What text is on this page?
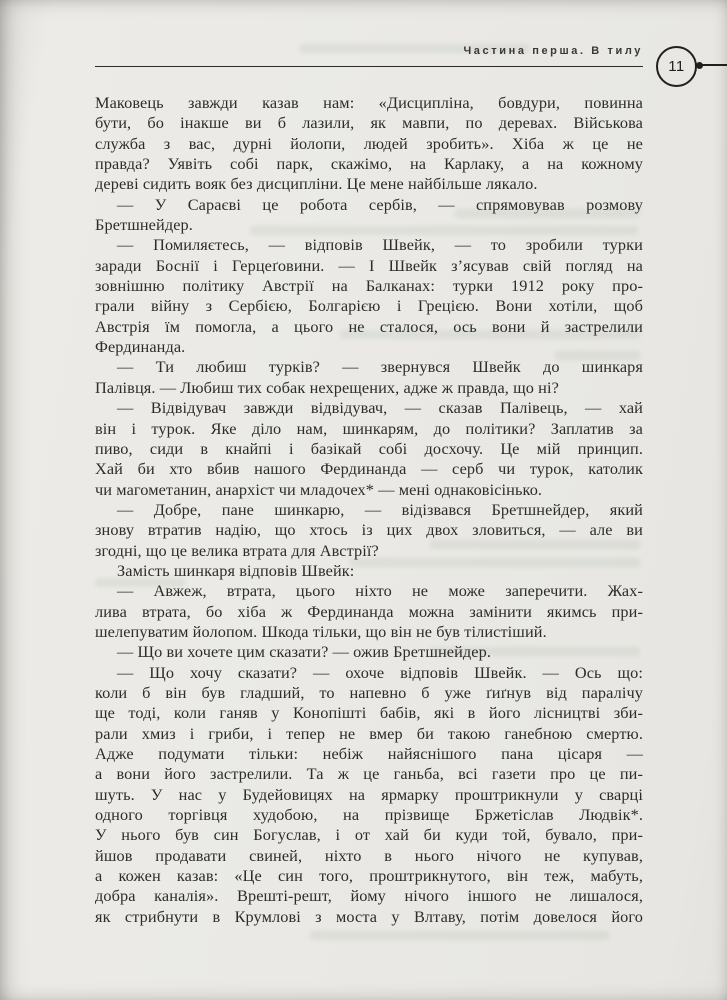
Частина перша. В тилу
11
Маковець завжди казав нам: «Дисципліна, бовдури, повинна
бути, бо інакше ви б лазили, як мавпи, по деревах. Військова
служба з вас, дурні йолопи, людей зробить». Хіба ж це не
правда? Уявіть собі парк, скажімо, на Карлаку, а на кожному
дереві сидить вояк без дисципліни. Це мене найбільше лякало.
— У Сараєві це робота сербів, — спрямовував розмову
Бретшнейдер.
— Помиляєтесь, — відповів Швейк, — то зробили турки
заради Боснії і Герцеґовини. — І Швейк з’ясував свій погляд на
зовнішню політику Австрії на Балканах: турки 1912 року про-
грали війну з Сербією, Болгарією і Грецією. Вони хотіли, щоб
Австрія їм помогла, а цього не сталося, ось вони й застрелили
Фердинанда.
— Ти любиш турків? — звернувся Швейк до шинкаря
Палівця. — Любиш тих собак нехрещених, адже ж правда, що ні?
— Відвідувач завжди відвідувач, — сказав Палівець, — хай
він і турок. Яке діло нам, шинкарям, до політики? Заплатив за
пиво, сиди в кнайпі і базікай собі досхочу. Це мій принцип.
Хай би хто вбив нашого Фердинанда — серб чи турок, католик
чи магометанин, анархіст чи младочех* — мені однаковісінько.
— Добре, пане шинкарю, — відізвався Бретшнейдер, який
знову втратив надію, що хтось із цих двох зловиться, — але ви
згодні, що це велика втрата для Австрії?
Замість шинкаря відповів Швейк:
— Авжеж, втрата, цього ніхто не може заперечити. Жах-
лива втрата, бо хіба ж Фердинанда можна замінити якимсь при-
шелепуватим йолопом. Шкода тільки, що він не був тілистіший.
— Що ви хочете цим сказати? — ожив Бретшнейдер.
— Що хочу сказати? — охоче відповів Швейк. — Ось що:
коли б він був гладший, то напевно б уже ґиґнув від паралічу
ще тоді, коли ганяв у Конопішті бабів, які в його лісництві зби-
рали хмиз і гриби, і тепер не вмер би такою ганебною смертю.
Адже подумати тільки: небіж найяснішого пана цісаря —
а вони його застрелили. Та ж це ганьба, всі газети про це пи-
шуть. У нас у Будейовицях на ярмарку проштрикнули у сварці
одного торгівця худобою, на прізвище Бржетіслав Людвік*.
У нього був син Богуслав, і от хай би куди той, бувало, при-
йшов продавати свиней, ніхто в нього нічого не купував,
а кожен казав: «Це син того, проштрикнутого, він теж, мабуть,
добра каналія». Врешті-решт, йому нічого іншого не лишалося,
як стрибнути в Крумлові з моста у Влтаву, потім довелося його
